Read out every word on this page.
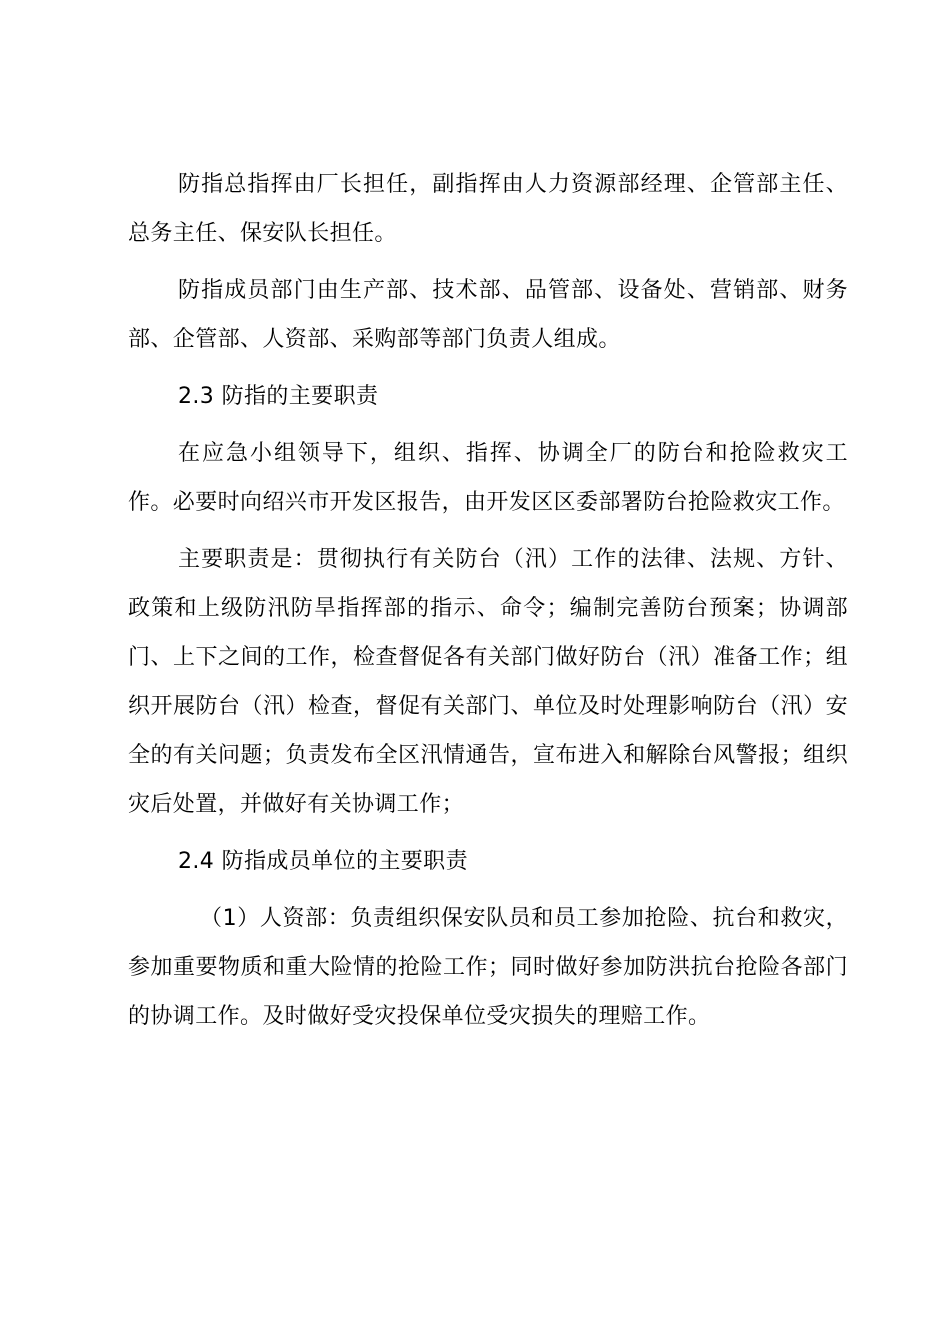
防指总指挥由厂长担任，副指挥由人力资源部经理、企管部主任、总务主任、保安队长担任。

防指成员部门由生产部、技术部、品管部、设备处、营销部、财务部、企管部、人资部、采购部等部门负责人组成。

2.3 防指的主要职责

在应急小组领导下，组织、指挥、协调全厂的防台和抢险救灾工作。必要时向绍兴市开发区报告，由开发区区委部署防台抢险救灾工作。

主要职责是：贯彻执行有关防台（汛）工作的法律、法规、方针、政策和上级防汛防旱指挥部的指示、命令；编制完善防台预案；协调部门、上下之间的工作，检查督促各有关部门做好防台（汛）准备工作；组织开展防台（汛）检查，督促有关部门、单位及时处理影响防台（汛）安全的有关问题；负责发布全区汛情通告，宣布进入和解除台风警报；组织灾后处置，并做好有关协调工作；

2.4 防指成员单位的主要职责

（1）人资部：负责组织保安队员和员工参加抢险、抗台和救灾，参加重要物质和重大险情的抢险工作；同时做好参加防洪抗台抢险各部门的协调工作。及时做好受灾投保单位受灾损失的理赔工作。
